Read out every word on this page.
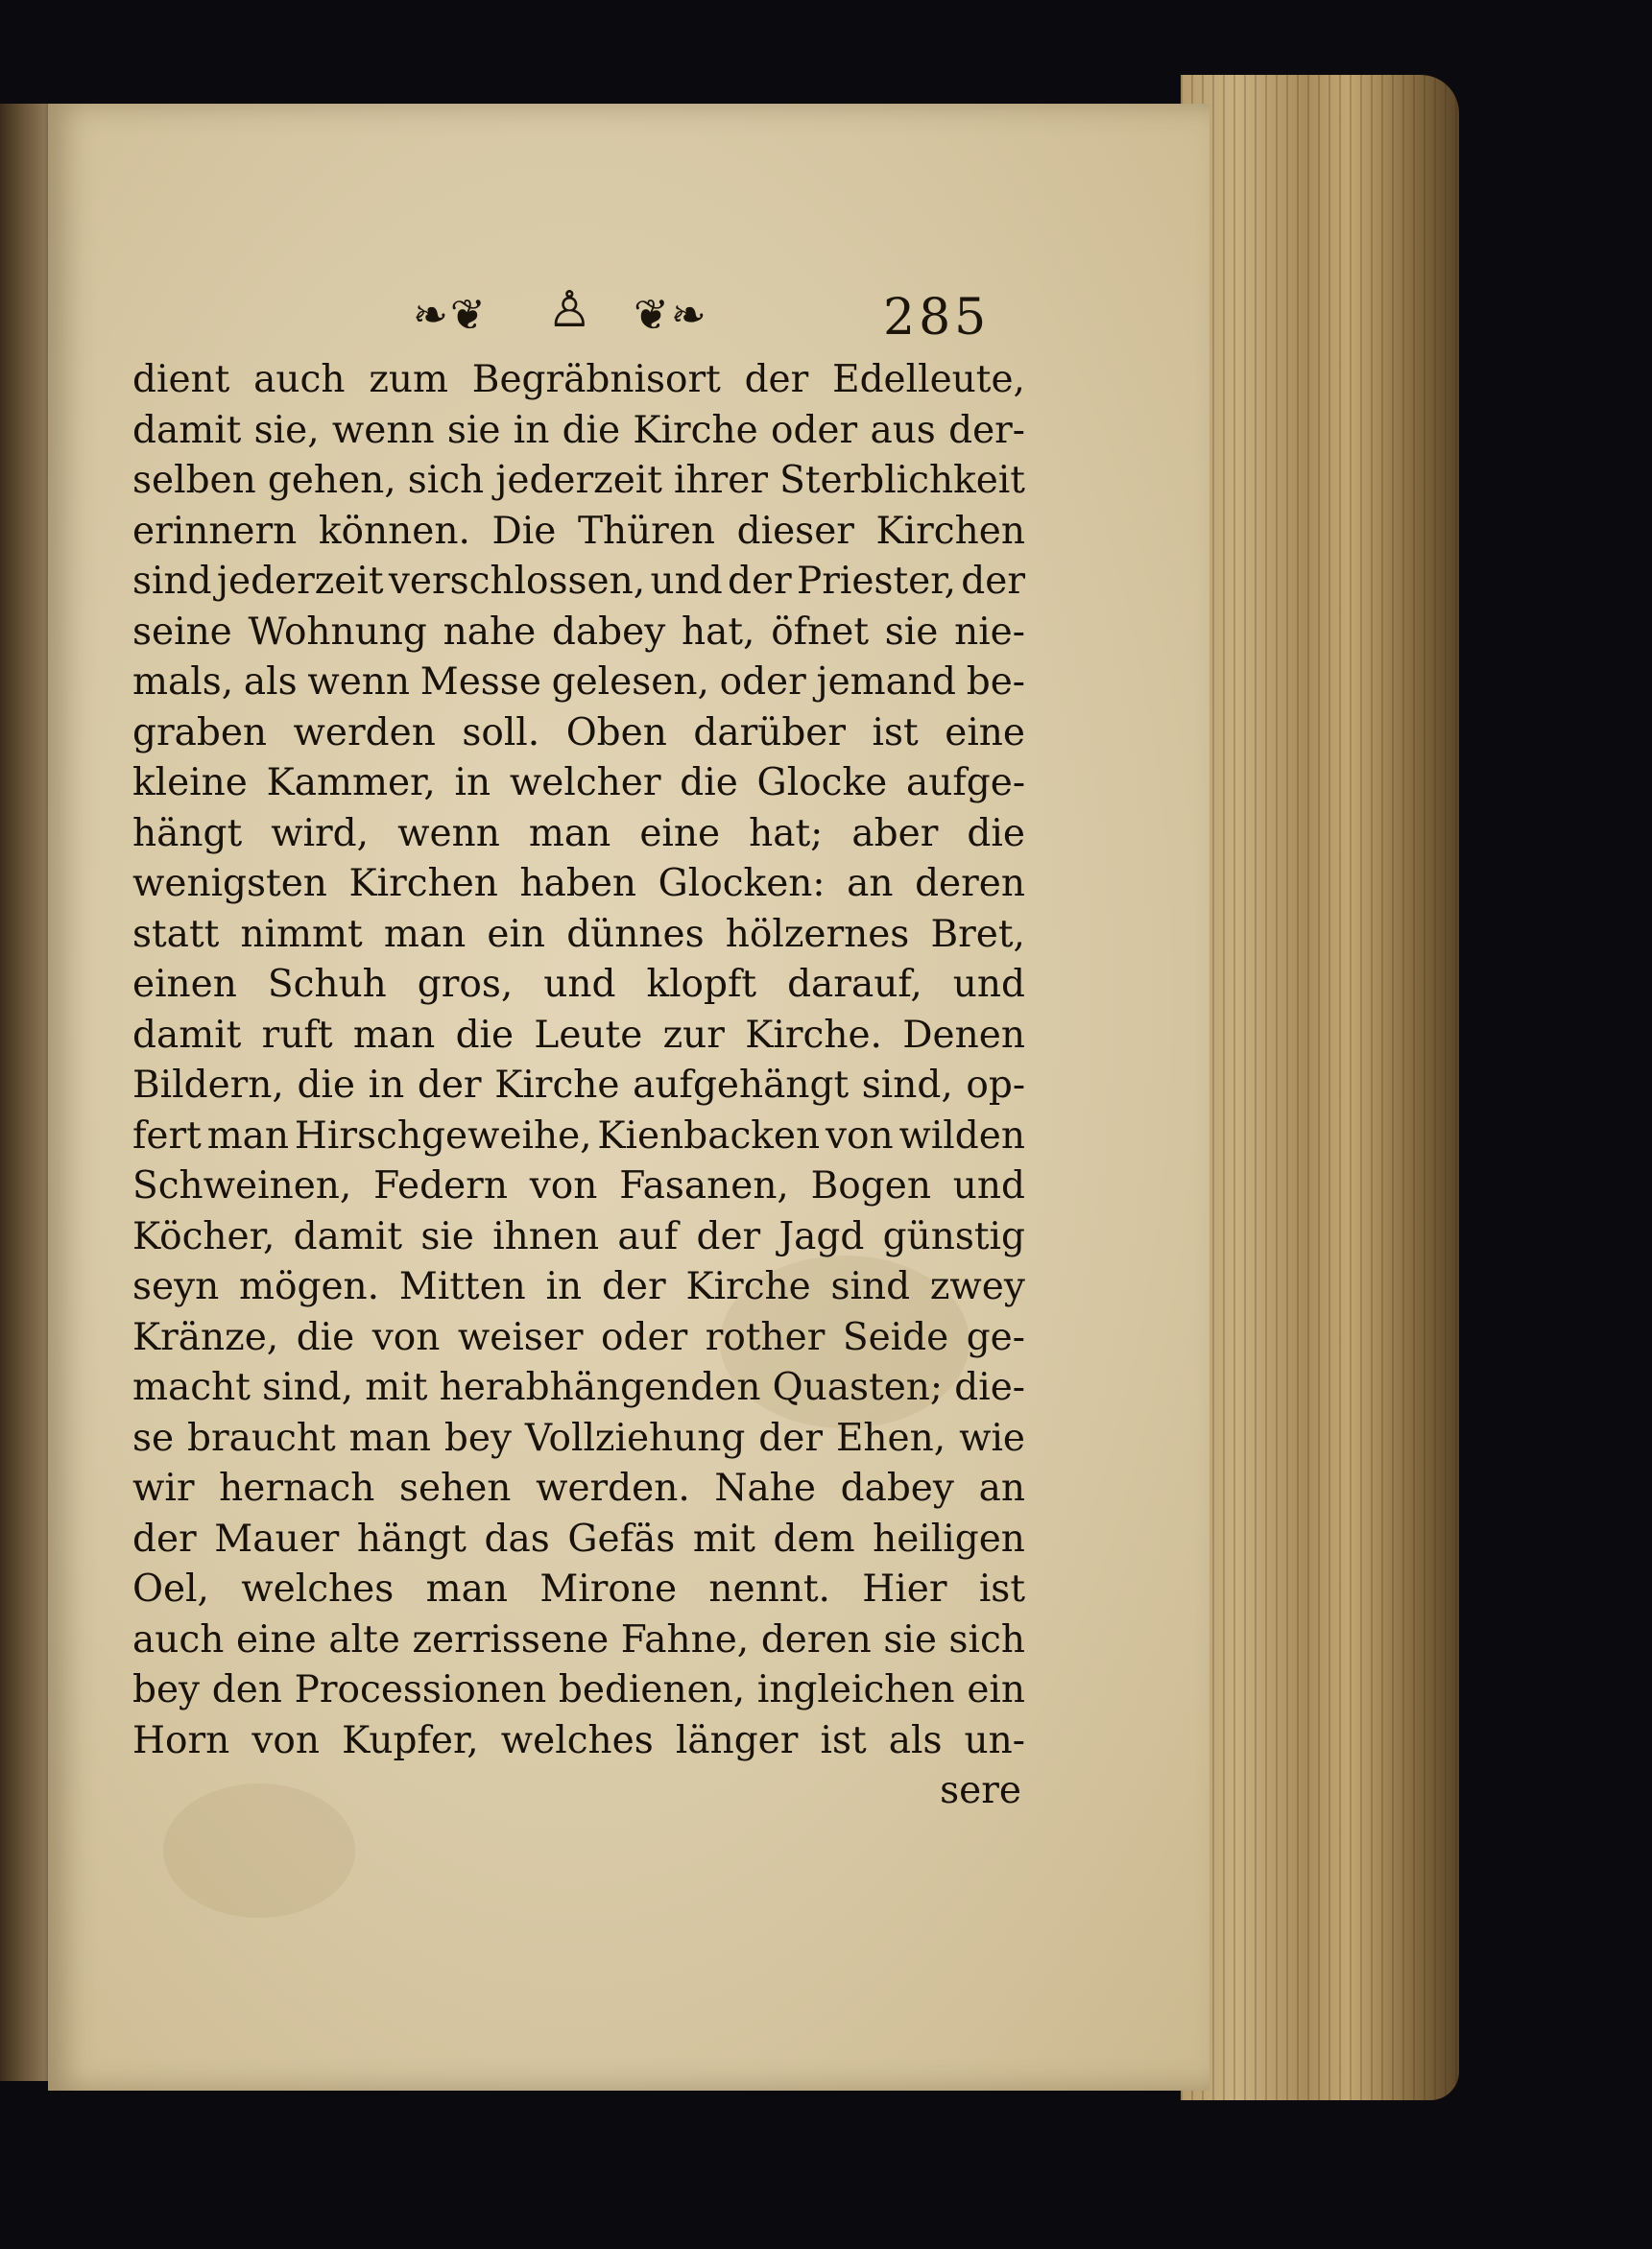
❧❦ ♙ ❦❧	285
dient auch zum Begräbnisort der Edelleute,
damit sie, wenn sie in die Kirche oder aus der-
selben gehen, sich jederzeit ihrer Sterblichkeit
erinnern können. Die Thüren dieser Kirchen
sind jederzeit verschlossen, und der Priester, der
seine Wohnung nahe dabey hat, öfnet sie nie-
mals, als wenn Messe gelesen, oder jemand be-
graben werden soll. Oben darüber ist eine
kleine Kammer, in welcher die Glocke aufge-
hängt wird, wenn man eine hat; aber die
wenigsten Kirchen haben Glocken: an deren
statt nimmt man ein dünnes hölzernes Bret,
einen Schuh gros, und klopft darauf, und
damit ruft man die Leute zur Kirche. Denen
Bildern, die in der Kirche aufgehängt sind, op-
fert man Hirschgeweihe, Kienbacken von wilden
Schweinen, Federn von Fasanen, Bogen und
Köcher, damit sie ihnen auf der Jagd günstig
seyn mögen. Mitten in der Kirche sind zwey
Kränze, die von weiser oder rother Seide ge-
macht sind, mit herabhängenden Quasten; die-
se braucht man bey Vollziehung der Ehen, wie
wir hernach sehen werden. Nahe dabey an
der Mauer hängt das Gefäs mit dem heiligen
Oel, welches man Mirone nennt. Hier ist
auch eine alte zerrissene Fahne, deren sie sich
bey den Processionen bedienen, ingleichen ein
Horn von Kupfer, welches länger ist als un-
sere
